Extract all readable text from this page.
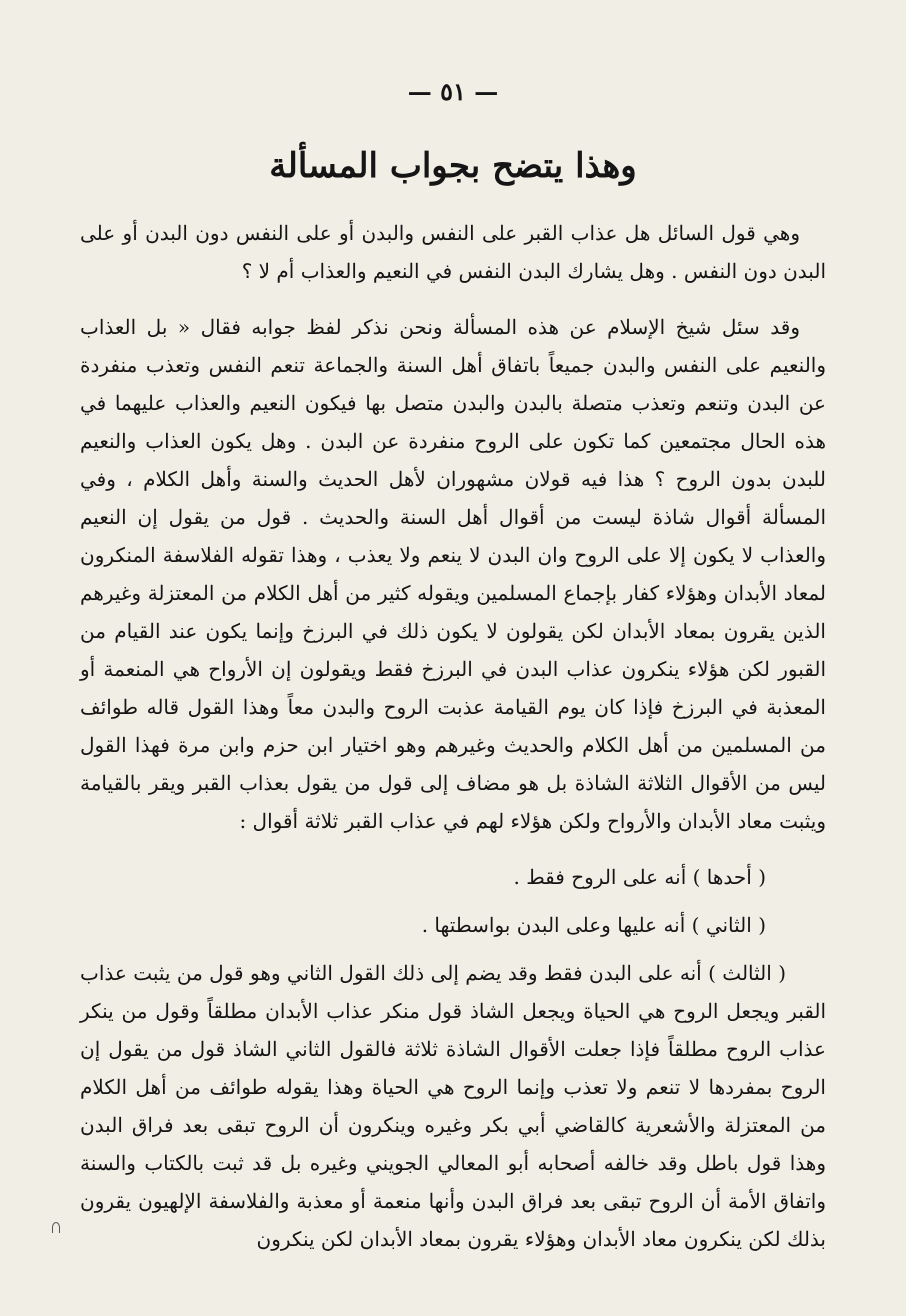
— ٥١ —
وهذا يتضح بجواب المسألة

وهي قول السائل هل عذاب القبر على النفس والبدن أو على النفس دون البدن أو على البدن دون النفس . وهل يشارك البدن النفس في النعيم والعذاب أم لا ؟

وقد سئل شيخ الإسلام عن هذه المسألة ونحن نذكر لفظ جوابه فقال « بل العذاب والنعيم على النفس والبدن جميعاً باتفاق أهل السنة والجماعة تنعم النفس وتعذب منفردة عن البدن وتنعم وتعذب متصلة بالبدن والبدن متصل بها فيكون النعيم والعذاب عليهما في هذه الحال مجتمعين كما تكون على الروح منفردة عن البدن . وهل يكون العذاب والنعيم للبدن بدون الروح ؟ هذا فيه قولان مشهوران لأهل الحديث والسنة وأهل الكلام ، وفي المسألة أقوال شاذة ليست من أقوال أهل السنة والحديث . قول من يقول إن النعيم والعذاب لا يكون إلا على الروح وان البدن لا ينعم ولا يعذب ، وهذا تقوله الفلاسفة المنكرون لمعاد الأبدان وهؤلاء كفار بإجماع المسلمين ويقوله كثير من أهل الكلام من المعتزلة وغيرهم الذين يقرون بمعاد الأبدان لكن يقولون لا يكون ذلك في البرزخ وإنما يكون عند القيام من القبور لكن هؤلاء ينكرون عذاب البدن في البرزخ فقط ويقولون إن الأرواح هي المنعمة أو المعذبة في البرزخ فإذا كان يوم القيامة عذبت الروح والبدن معاً وهذا القول قاله طوائف من المسلمين من أهل الكلام والحديث وغيرهم وهو اختيار ابن حزم وابن مرة فهذا القول ليس من الأقوال الثلاثة الشاذة بل هو مضاف إلى قول من يقول بعذاب القبر ويقر بالقيامة ويثبت معاد الأبدان والأرواح ولكن هؤلاء لهم في عذاب القبر ثلاثة أقوال :

( أحدها ) أنه على الروح فقط .

( الثاني ) أنه عليها وعلى البدن بواسطتها .

( الثالث ) أنه على البدن فقط وقد يضم إلى ذلك القول الثاني وهو قول من يثبت عذاب القبر ويجعل الروح هي الحياة ويجعل الشاذ قول منكر عذاب الأبدان مطلقاً وقول من ينكر عذاب الروح مطلقاً فإذا جعلت الأقوال الشاذة ثلاثة فالقول الثاني الشاذ قول من يقول إن الروح بمفردها لا تنعم ولا تعذب وإنما الروح هي الحياة وهذا يقوله طوائف من أهل الكلام من المعتزلة والأشعرية كالقاضي أبي بكر وغيره وينكرون أن الروح تبقى بعد فراق البدن وهذا قول باطل وقد خالفه أصحابه أبو المعالي الجويني وغيره بل قد ثبت بالكتاب والسنة واتفاق الأمة أن الروح تبقى بعد فراق البدن وأنها منعمة أو معذبة والفلاسفة الإلهيون يقرون بذلك لكن ينكرون معاد الأبدان وهؤلاء يقرون بمعاد الأبدان لكن ينكرون
